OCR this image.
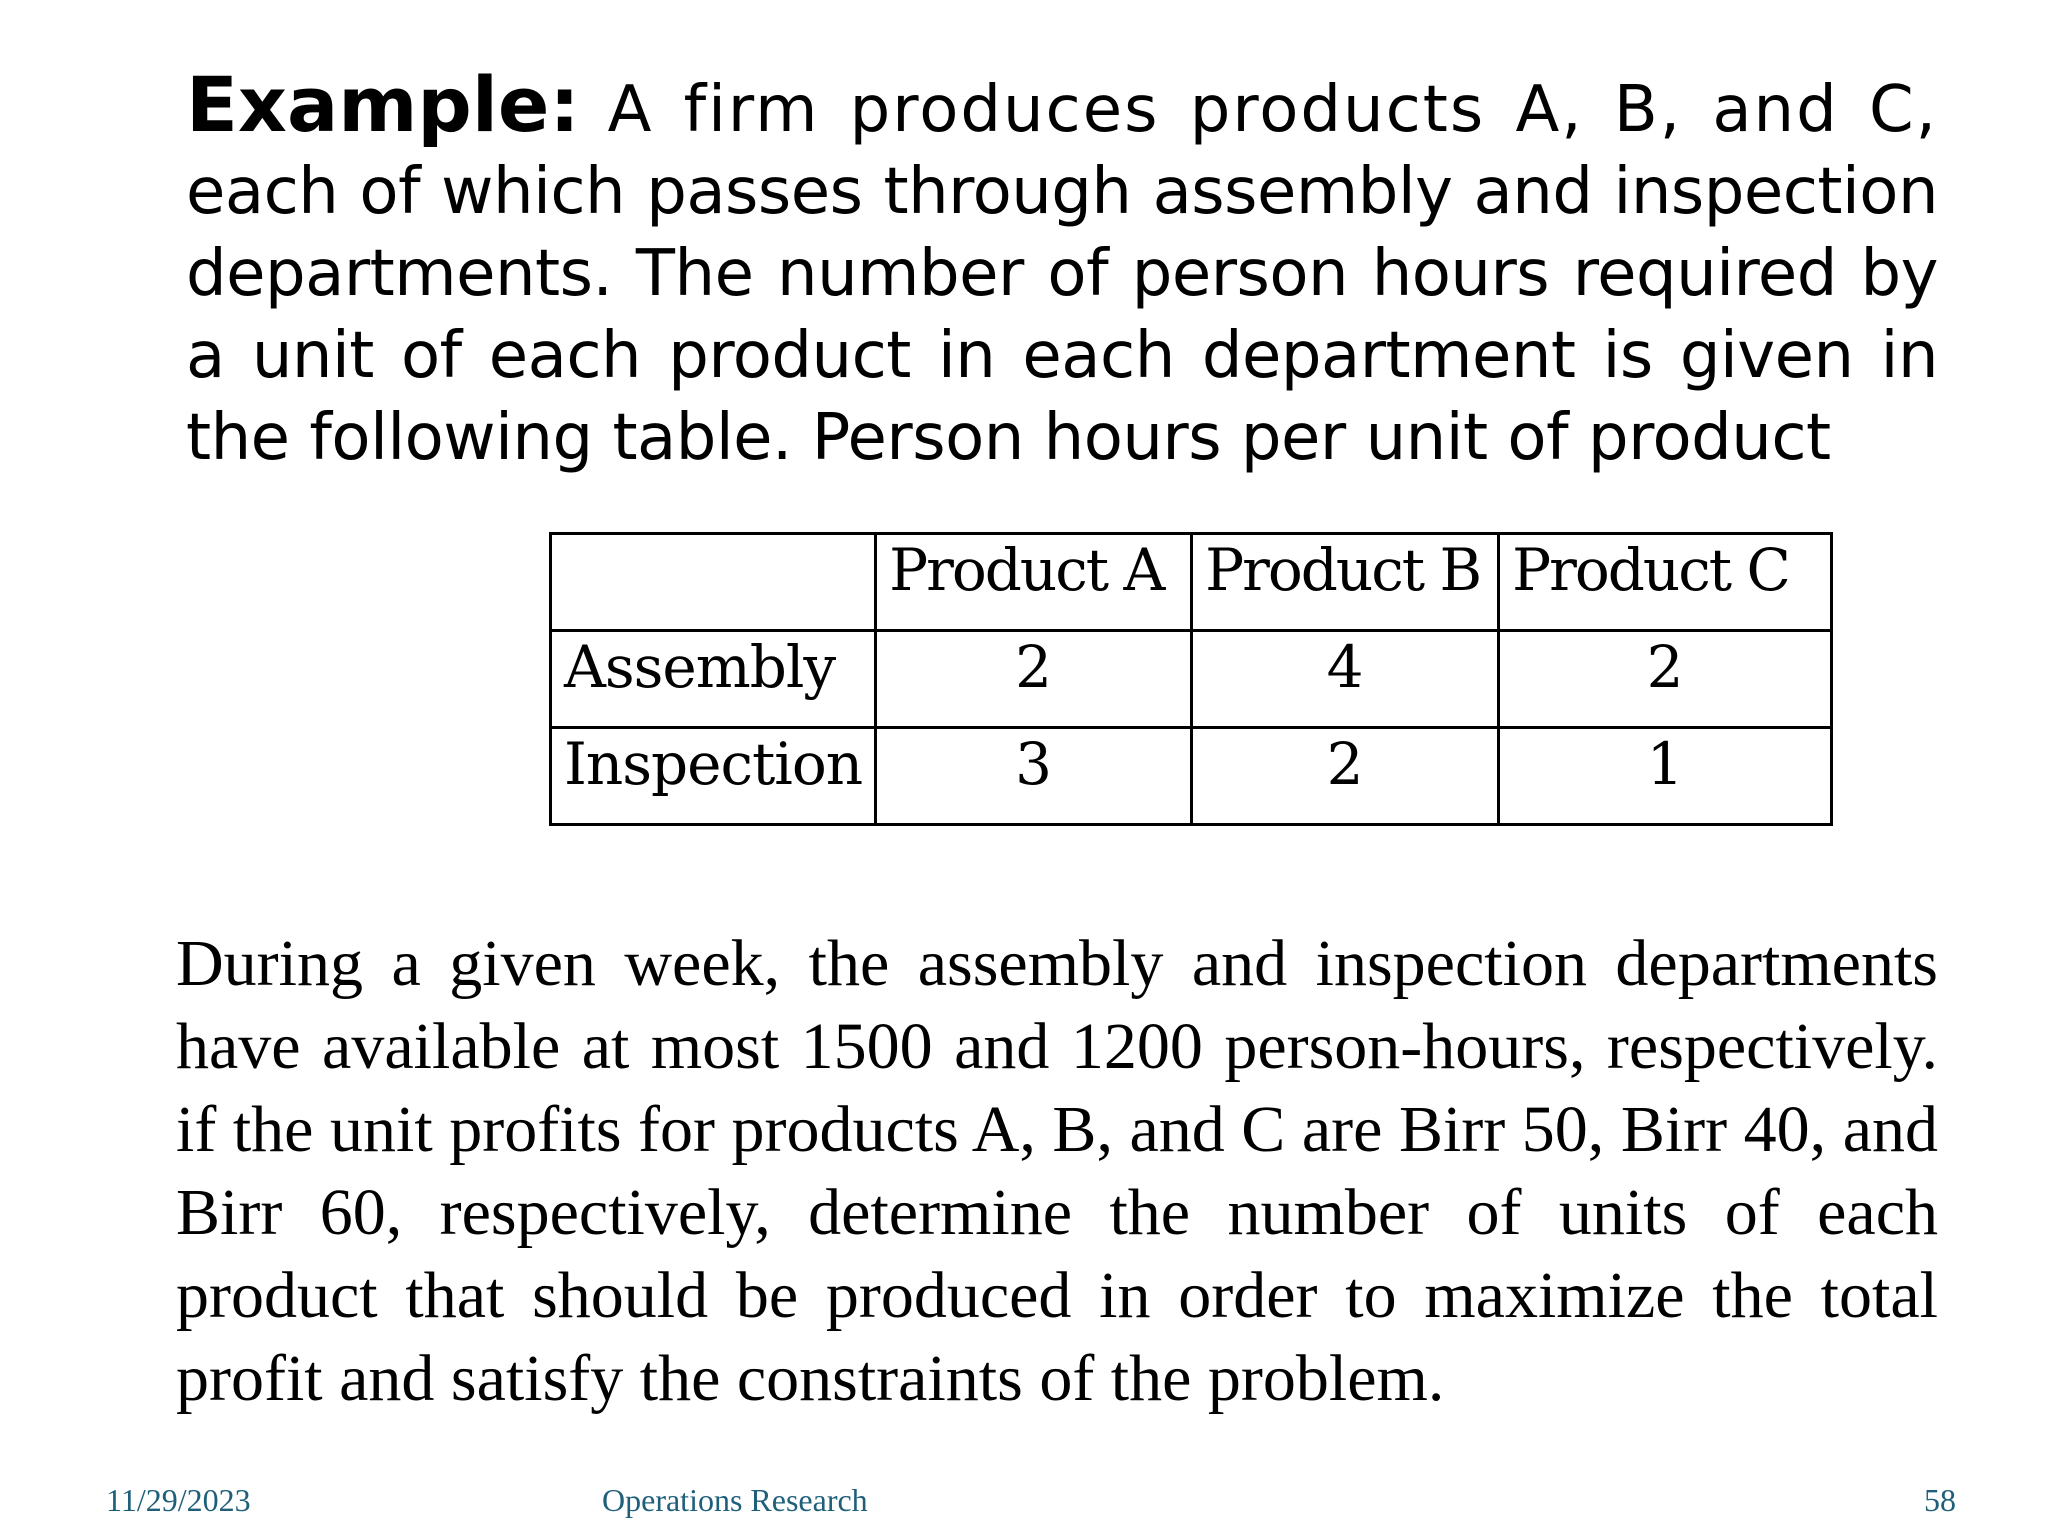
Example: A firm produces products A, B, and C, each of which passes through assembly and inspection departments. The number of person hours required by a unit of each product in each department is given in the following table. Person hours per unit of product
	Product A	Product B	Product C
Assembly	2	4	2
Inspection	3	2	1
During a given week, the assembly and inspection departments have available at most 1500 and 1200 person-hours, respectively. if the unit profits for products A, B, and C are Birr 50, Birr 40, and Birr 60, respectively, determine the number of units of each product that should be produced in order to maximize the total profit and satisfy the constraints of the problem.
11/29/2023	Operations Research	58
